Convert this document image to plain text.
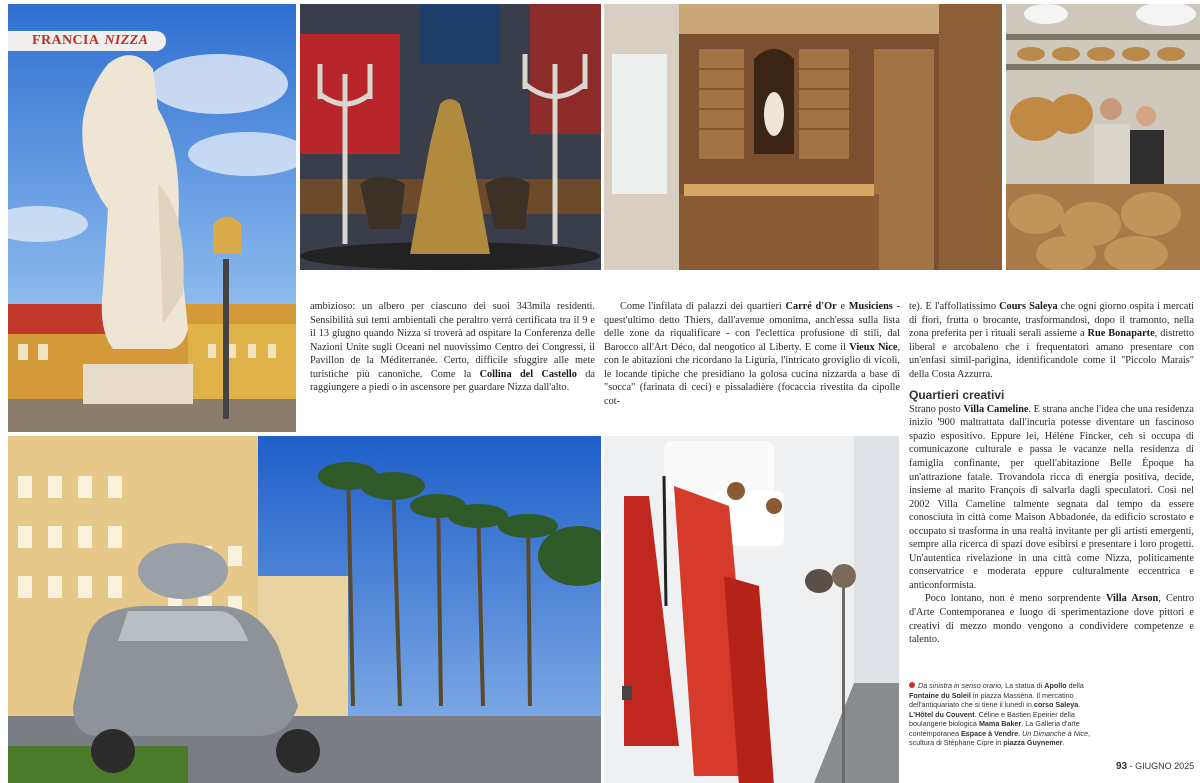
FRANCIA NIZZA

ambizioso: un albero per ciascuno dei suoi 343mila residenti. Sensibilità sui temi ambientali che peraltro verrà certificata tra il 9 e il 13 giugno quando Nizza si troverà ad ospitare la Conferenza delle Nazioni Unite sugli Oceani nel nuovissimo Centro dei Congressi, il Pavillon de la Méditerranée. Certo, difficile sfuggire alle mete turistiche più canoniche. Come la Collina del Castello da raggiungere a piedi o in ascensore per guardare Nizza dall'alto.

Come l'infilata di palazzi dei quartieri Carré d'Or e Musiciens - quest'ultimo detto Thiers, dall'avenue omonima, anch'essa sulla lista delle zone da riqualificare - con l'eclettica profusione di stili, dal Barocco all'Art Déco, dal neogotico al Liberty. E come il Vieux Nice, con le abitazioni che ricordano la Liguria, l'intricato groviglio di vicoli, le locande tipiche che presidiano la golosa cucina nizzarda a base di "socca" (farinata di ceci) e pissaladière (focaccia rivestita da cipolle cot-

te). E l'affollatissimo Cours Saleya che ogni giorno ospita i mercati di fiori, frutta o brocante, trasformandosi, dopo il tramonto, nella zona preferita per i rituali serali assieme a Rue Bonaparte, distretto liberal e arcobaleno che i frequentatori amano presentare con un'enfasi simil-parigina, identificandole come il "Piccolo Marais" della Costa Azzurra.

Quartieri creativi

Strano posto Villa Cameline. E strana anche l'idea che una residenza inizio '900 maltrattata dall'incuria potesse diventare un fascinoso spazio espositivo. Eppure lei, Hélène Fincker, ceh si occupa di comunicazone culturale e passa le vacanze nella residenza di famiglia confinante, per quell'abitazione Belle Époque ha un'attrazione fatale. Trovandola ricca di energia positiva, decide, insieme al marito François di salvarla dagli speculatori. Così nel 2002 Villa Cameline talmente segnata dal tempo da essere conosciuta in città come Maison Abbadonée, da edificio scrostato e occupato si trasforma in una realtà invitante per gli artisti emergenti, sempre alla ricerca di spazi dove esibirsi e presentare i loro progetti. Un'autentica rivelazione in una città come Nizza, politicamente conservatrice e moderata eppure culturalmente eccentrica e anticonformista.

Poco lontano, non è meno sorprendente Villa Arson, Centro d'Arte Contemporanea e luogo di sperimentazione dove pittori e creativi di mezzo mondo vengono a condividere competenze e talento.

Da sinistra in senso orario, La statua di Apollo della Fontaine du Soleil in piazza Masséna. Il mercatino dell'antiquariato che si tiene il lunedì in corso Saleya. L'Hôtel du Couvent. Céline e Bastien Epeirier della boulangerie biologica Mama Baker. La Galleria d'arte contemporanea Espace à Vendre. Un Dimanche à Nice, scultura di Stéphane Cipre in piazza Guynemer.
93 - GIUGNO 2025
